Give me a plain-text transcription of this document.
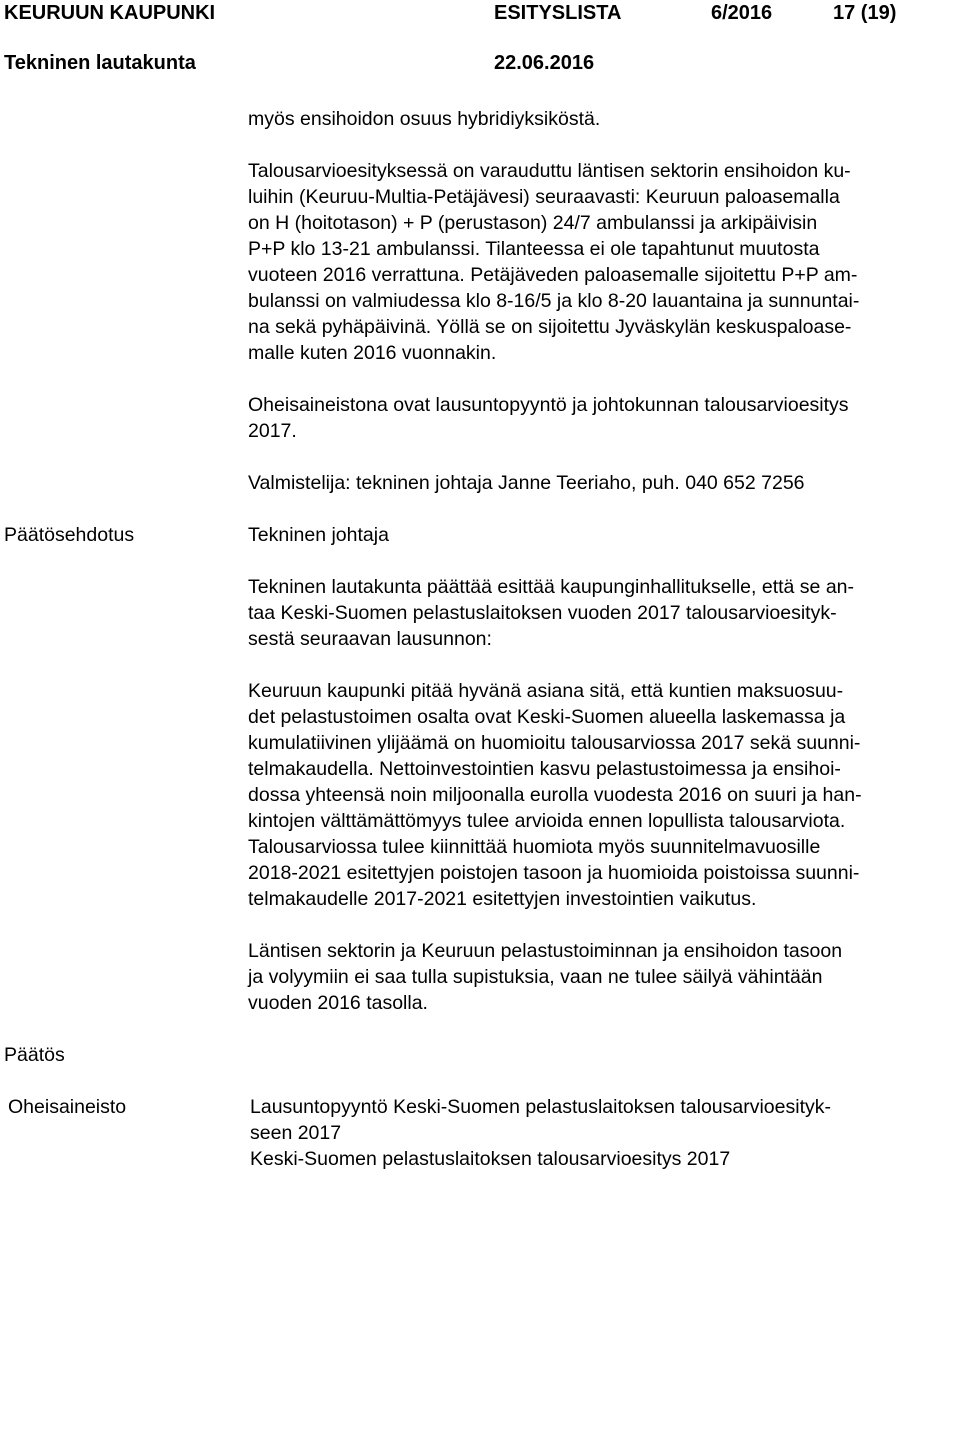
KEURUUN KAUPUNKI	ESITYSLISTA	6/2016	17 (19)
Tekninen lautakunta	22.06.2016

myös ensihoidon osuus hybridiyksiköstä.

Talousarvioesityksessä on varauduttu läntisen sektorin ensihoidon ku-
luihin (Keuruu-Multia-Petäjävesi) seuraavasti: Keuruun paloasemalla
on H (hoitotason) + P (perustason) 24/7 ambulanssi ja arkipäivisin
P+P klo 13-21 ambulanssi. Tilanteessa ei ole tapahtunut muutosta
vuoteen 2016 verrattuna. Petäjäveden paloasemalle sijoitettu P+P am-
bulanssi on valmiudessa klo 8-16/5 ja klo 8-20 lauantaina ja sunnuntai-
na sekä pyhäpäivinä. Yöllä se on sijoitettu Jyväskylän keskuspaloase-
malle kuten 2016 vuonnakin.

Oheisaineistona ovat lausuntopyyntö ja johtokunnan talousarvioesitys
2017.

Valmistelija: tekninen johtaja Janne Teeriaho, puh. 040 652 7256

Päätösehdotus	Tekninen johtaja

Tekninen lautakunta päättää esittää kaupunginhallitukselle, että se an-
taa Keski-Suomen pelastuslaitoksen vuoden 2017 talousarvioesityk-
sestä seuraavan lausunnon:

Keuruun kaupunki pitää hyvänä asiana sitä, että kuntien maksuosuu-
det pelastustoimen osalta ovat Keski-Suomen alueella laskemassa ja
kumulatiivinen ylijäämä on huomioitu talousarviossa 2017 sekä suunni-
telmakaudella. Nettoinvestointien kasvu pelastustoimessa ja ensihoi-
dossa yhteensä noin miljoonalla eurolla vuodesta 2016 on suuri ja han-
kintojen välttämättömyys tulee arvioida ennen lopullista talousarviota.
Talousarviossa tulee kiinnittää huomiota myös suunnitelmavuosille
2018-2021 esitettyjen poistojen tasoon ja huomioida poistoissa suunni-
telmakaudelle 2017-2021 esitettyjen investointien vaikutus.

Läntisen sektorin ja Keuruun pelastustoiminnan ja ensihoidon tasoon
ja volyymiin ei saa tulla supistuksia, vaan ne tulee säilyä vähintään
vuoden 2016 tasolla.

Päätös
Oheisaineisto	Lausuntopyyntö Keski-Suomen pelastuslaitoksen talousarvioesityk-
seen 2017
Keski-Suomen pelastuslaitoksen talousarvioesitys 2017
